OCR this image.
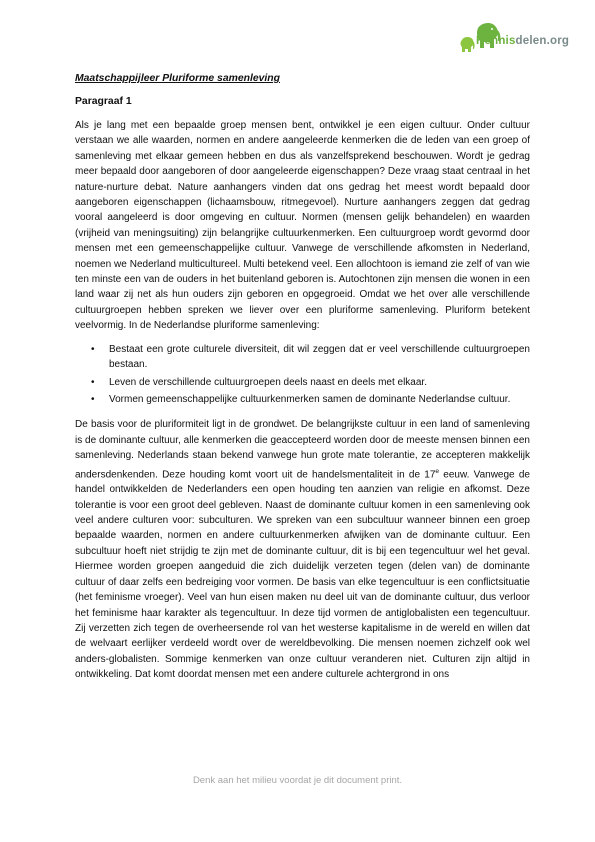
Kennisdelen.org

Maatschappijleer Pluriforme samenleving

Paragraaf 1

Als je lang met een bepaalde groep mensen bent, ontwikkel je een eigen cultuur. Onder cultuur verstaan we alle waarden, normen en andere aangeleerde kenmerken die de leden van een groep of samenleving met elkaar gemeen hebben en dus als vanzelfsprekend beschouwen. Wordt je gedrag meer bepaald door aangeboren of door aangeleerde eigenschappen? Deze vraag staat centraal in het nature-nurture debat. Nature aanhangers vinden dat ons gedrag het meest wordt bepaald door aangeboren eigenschappen (lichaamsbouw, ritmegevoel). Nurture aanhangers zeggen dat gedrag vooral aangeleerd is door omgeving en cultuur. Normen (mensen gelijk behandelen) en waarden (vrijheid van meningsuiting) zijn belangrijke cultuurkenmerken. Een cultuurgroep wordt gevormd door mensen met een gemeenschappelijke cultuur. Vanwege de verschillende afkomsten in Nederland, noemen we Nederland multicultureel. Multi betekend veel. Een allochtoon is iemand zie zelf of van wie ten minste een van de ouders in het buitenland geboren is. Autochtonen zijn mensen die wonen in een land waar zij net als hun ouders zijn geboren en opgegroeid. Omdat we het over alle verschillende cultuurgroepen hebben spreken we liever over een pluriforme samenleving. Pluriform betekent veelvormig. In de Nederlandse pluriforme samenleving:

• Bestaat een grote culturele diversiteit, dit wil zeggen dat er veel verschillende cultuurgroepen bestaan.
• Leven de verschillende cultuurgroepen deels naast en deels met elkaar.
• Vormen gemeenschappelijke cultuurkenmerken samen de dominante Nederlandse cultuur.

De basis voor de pluriformiteit ligt in de grondwet. De belangrijkste cultuur in een land of samenleving is de dominante cultuur, alle kenmerken die geaccepteerd worden door de meeste mensen binnen een samenleving. Nederlands staan bekend vanwege hun grote mate tolerantie, ze accepteren makkelijk andersdenkenden. Deze houding komt voort uit de handelsmentaliteit in de 17e eeuw. Vanwege de handel ontwikkelden de Nederlanders een open houding ten aanzien van religie en afkomst. Deze tolerantie is voor een groot deel gebleven. Naast de dominante cultuur komen in een samenleving ook veel andere culturen voor: subculturen. We spreken van een subcultuur wanneer binnen een groep bepaalde waarden, normen en andere cultuurkenmerken afwijken van de dominante cultuur. Een subcultuur hoeft niet strijdig te zijn met de dominante cultuur, dit is bij een tegencultuur wel het geval. Hiermee worden groepen aangeduid die zich duidelijk verzeten tegen (delen van) de dominante cultuur of daar zelfs een bedreiging voor vormen. De basis van elke tegencultuur is een conflictsituatie (het feminisme vroeger). Veel van hun eisen maken nu deel uit van de dominante cultuur, dus verloor het feminisme haar karakter als tegencultuur. In deze tijd vormen de antiglobalisten een tegencultuur. Zij verzetten zich tegen de overheersende rol van het westerse kapitalisme in de wereld en willen dat de welvaart eerlijker verdeeld wordt over de wereldbevolking. Die mensen noemen zichzelf ook wel anders-globalisten. Sommige kenmerken van onze cultuur veranderen niet. Culturen zijn altijd in ontwikkeling. Dat komt doordat mensen met een andere culturele achtergrond in ons

Denk aan het milieu voordat je dit document print.
